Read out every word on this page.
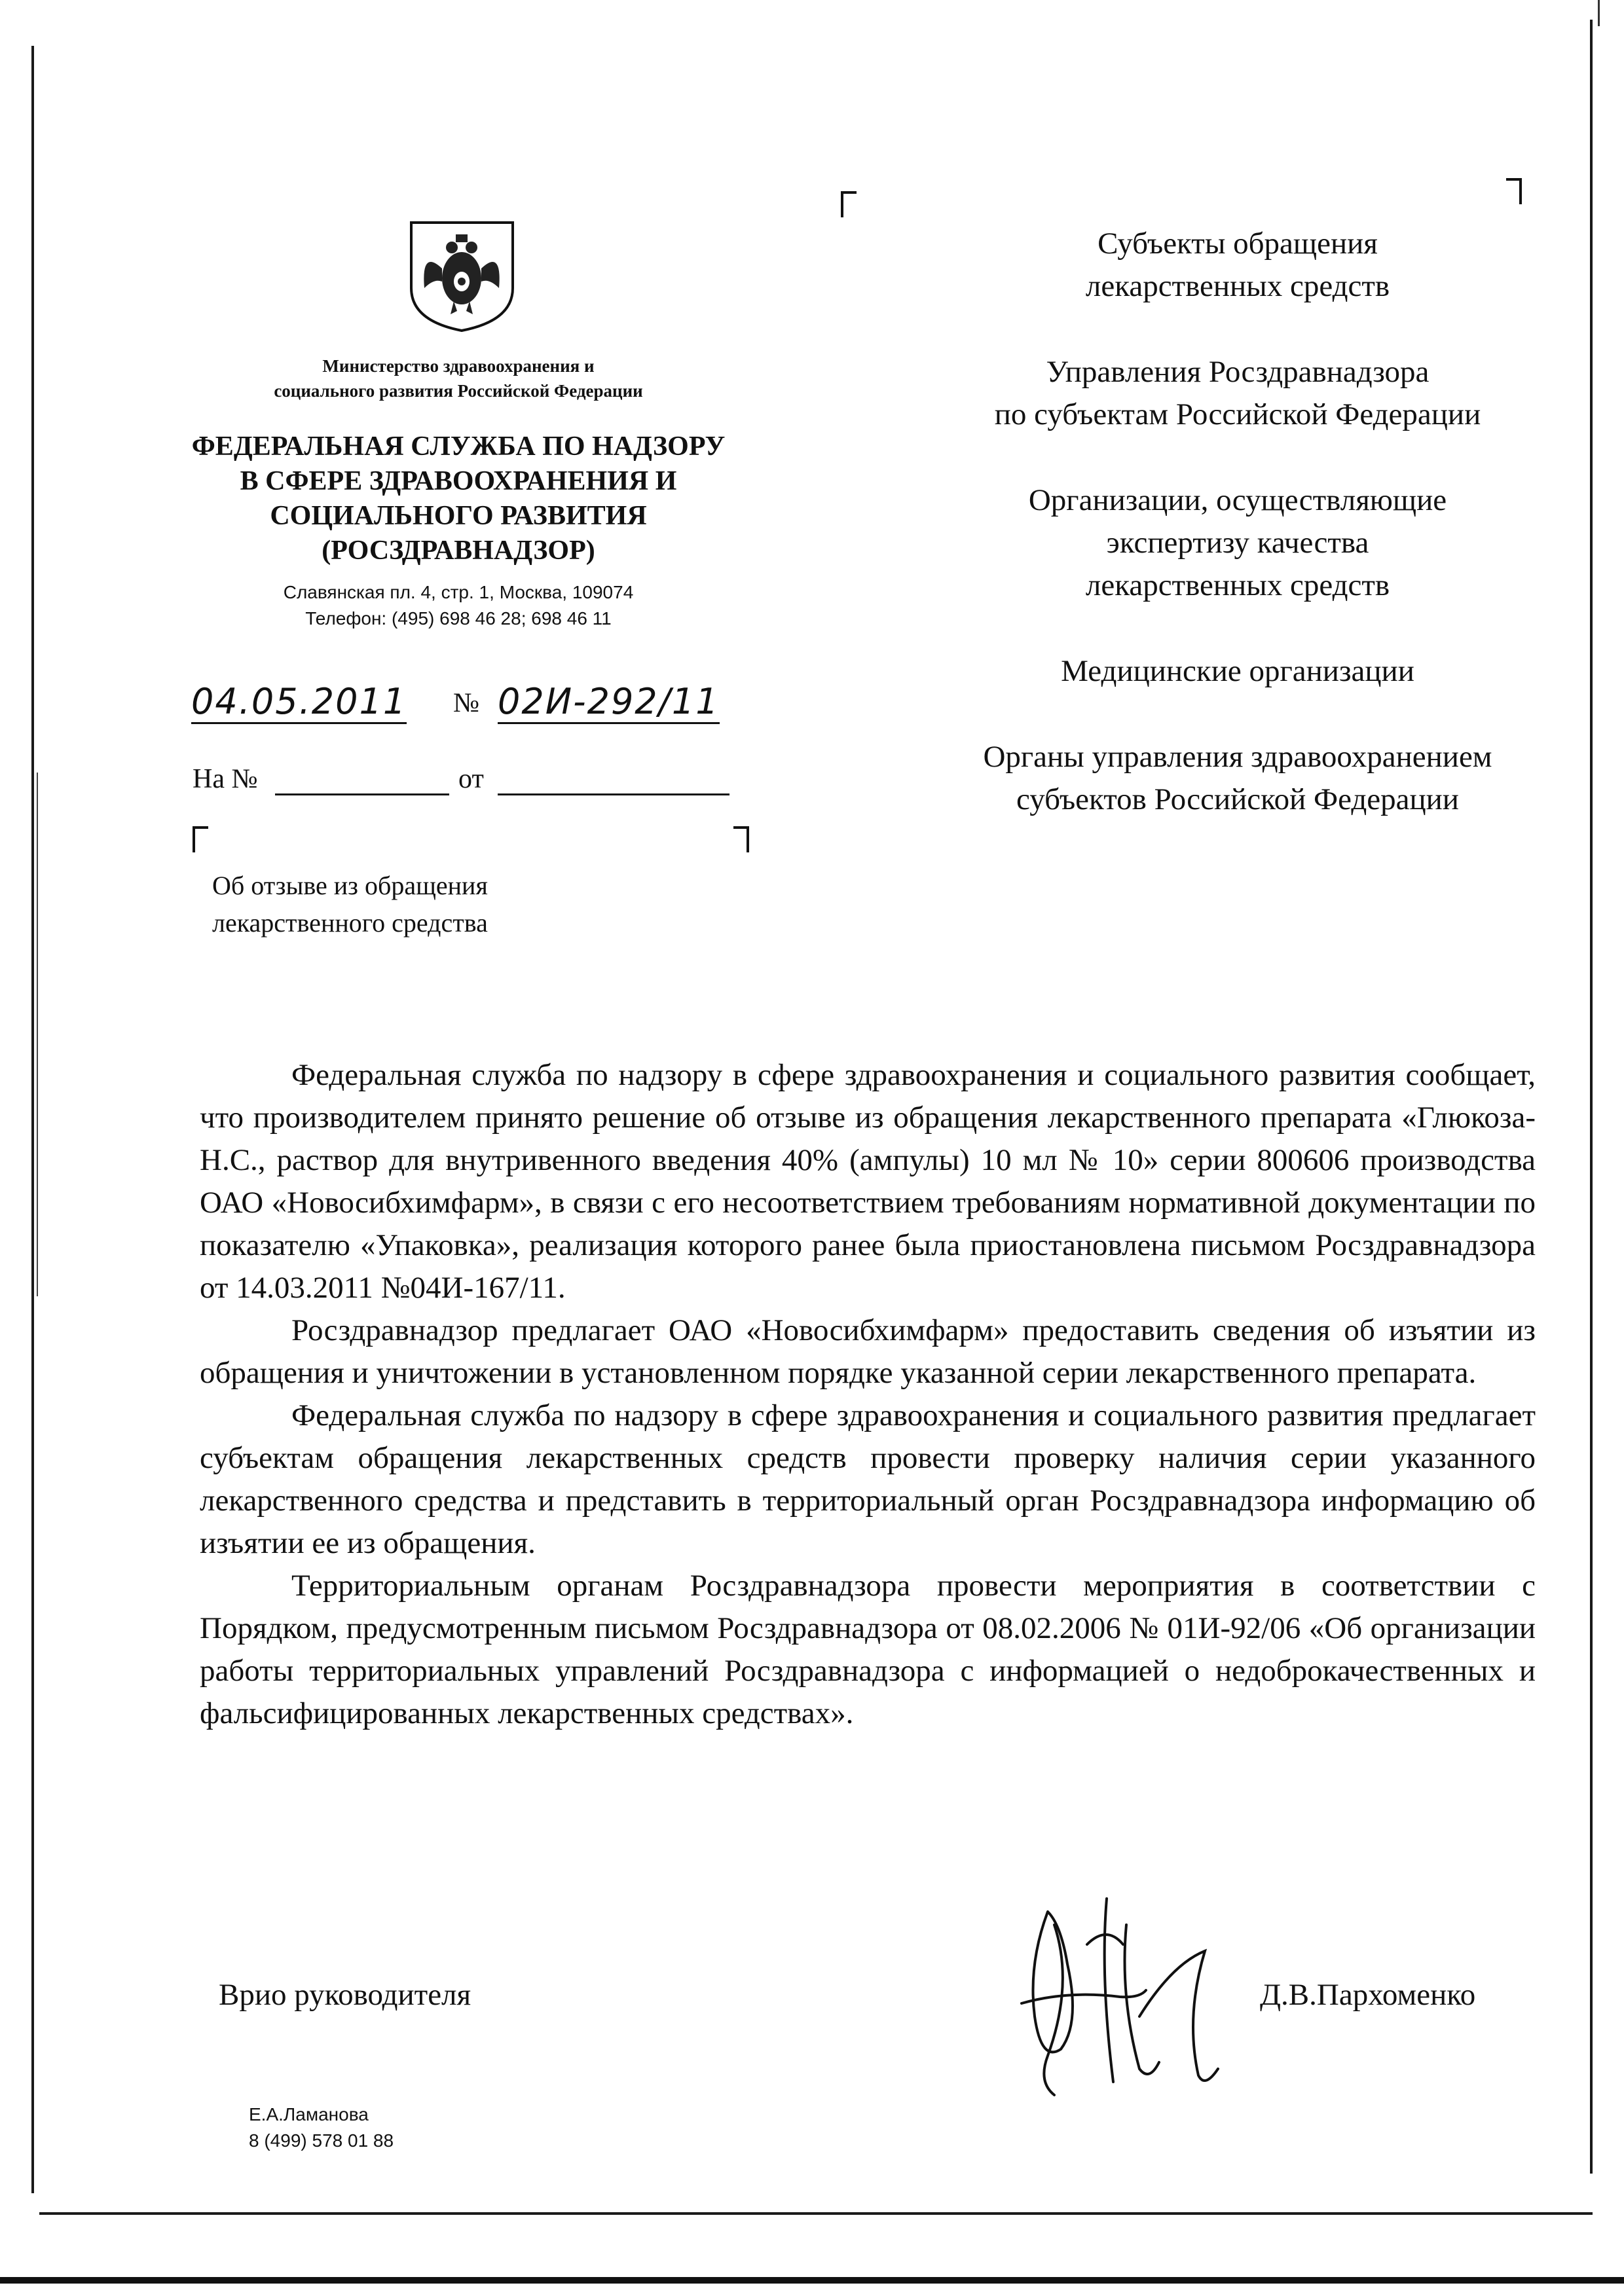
Министерство здравоохранения и
социального развития Российской Федерации
ФЕДЕРАЛЬНАЯ СЛУЖБА ПО НАДЗОРУ
В СФЕРЕ ЗДРАВООХРАНЕНИЯ И
СОЦИАЛЬНОГО РАЗВИТИЯ
(РОСЗДРАВНАДЗОР)
Славянская пл. 4, стр. 1, Москва, 109074
Телефон: (495) 698 46 28; 698 46 11
04.05.2011 № 02И-292/11
На №	от
Об отзыве из обращения
лекарственного средства
Субъекты обращения
лекарственных средств
Управления Росздравнадзора
по субъектам Российской Федерации
Организации, осуществляющие
экспертизу качества
лекарственных средств
Медицинские организации
Органы управления здравоохранением
субъектов Российской Федерации

Федеральная служба по надзору в сфере здравоохранения и социального развития сообщает, что производителем принято решение об отзыве из обращения лекарственного препарата «Глюкоза-Н.С., раствор для внутривенного введения 40% (ампулы) 10 мл № 10» серии 800606 производства ОАО «Новосибхимфарм», в связи с его несоответствием требованиям нормативной документации по показателю «Упаковка», реализация которого ранее была приостановлена письмом Росздравнадзора от 14.03.2011 №04И-167/11.

Росздравнадзор предлагает ОАО «Новосибхимфарм» предоставить сведения об изъятии из обращения и уничтожении в установленном порядке указанной серии лекарственного препарата.

Федеральная служба по надзору в сфере здравоохранения и социального развития предлагает субъектам обращения лекарственных средств провести проверку наличия серии указанного лекарственного средства и представить в территориальный орган Росздравнадзора информацию об изъятии ее из обращения.

Территориальным органам Росздравнадзора провести мероприятия в соответствии с Порядком, предусмотренным письмом Росздравнадзора от 08.02.2006 № 01И-92/06 «Об организации работы территориальных управлений Росздравнадзора с информацией о недоброкачественных и фальсифицированных лекарственных средствах».

Врио руководителя	Д.В.Пархоменко
Е.А.Ламанова
8 (499) 578 01 88
